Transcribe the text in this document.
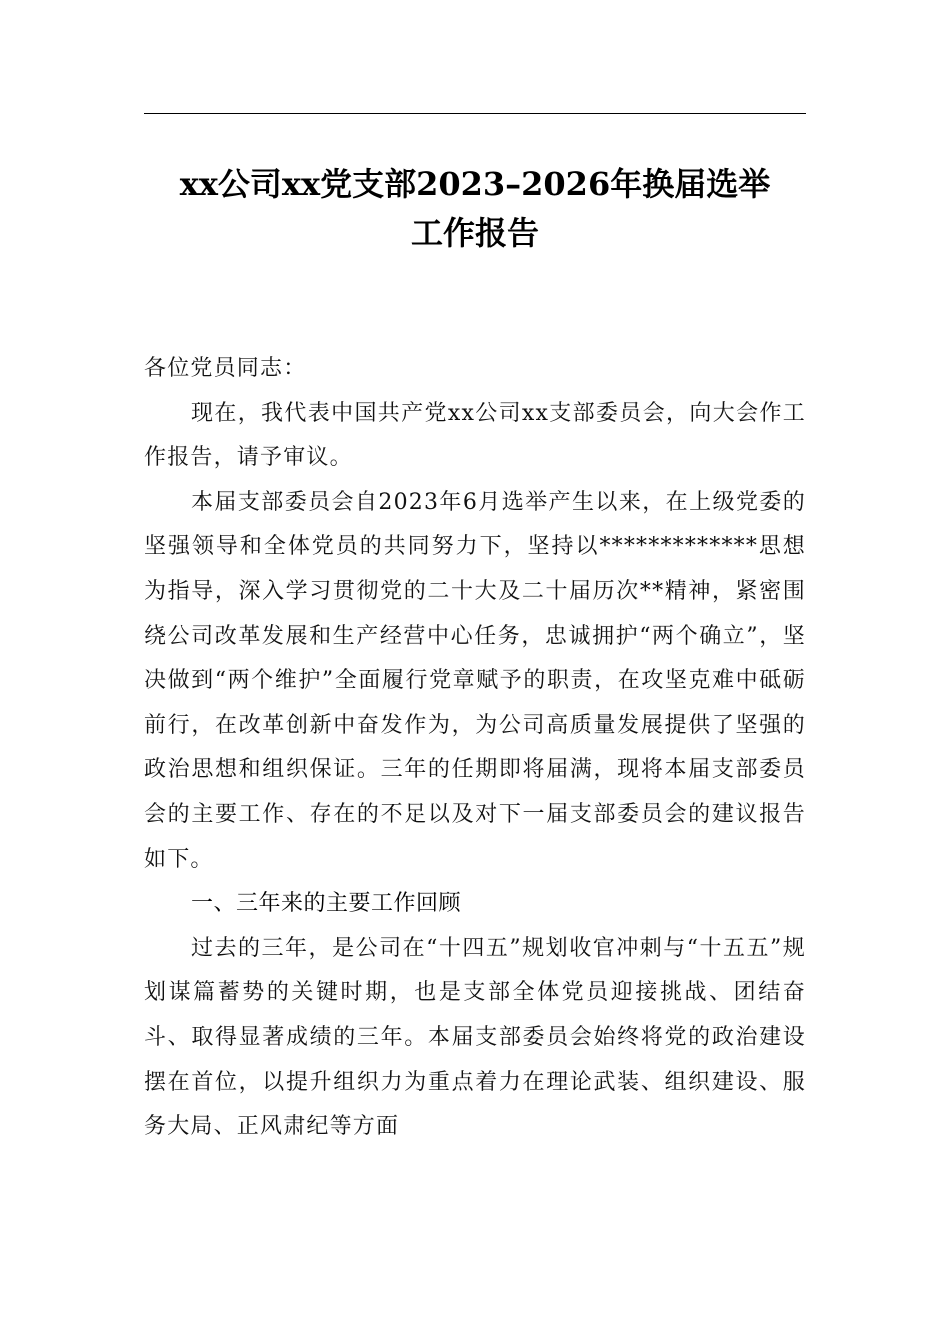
xx公司xx党支部2023–2026年换届选举
工作报告

各位党员同志：

现在，我代表中国共产党xx公司xx支部委员会，向大会作工作报告，请予审议。

本届支部委员会自2023年6月选举产生以来，在上级党委的坚强领导和全体党员的共同努力下，坚持以*************思想为指导，深入学习贯彻党的二十大及二十届历次**精神，紧密围绕公司改革发展和生产经营中心任务，忠诚拥护“两个确立”，坚决做到“两个维护”全面履行党章赋予的职责，在攻坚克难中砥砺前行，在改革创新中奋发作为，为公司高质量发展提供了坚强的政治思想和组织保证。三年的任期即将届满，现将本届支部委员会的主要工作、存在的不足以及对下一届支部委员会的建议报告如下。

一、三年来的主要工作回顾

过去的三年，是公司在“十四五”规划收官冲刺与“十五五”规划谋篇蓄势的关键时期，也是支部全体党员迎接挑战、团结奋斗、取得显著成绩的三年。本届支部委员会始终将党的政治建设摆在首位，以提升组织力为重点着力在理论武装、组织建设、服务大局、正风肃纪等方面
